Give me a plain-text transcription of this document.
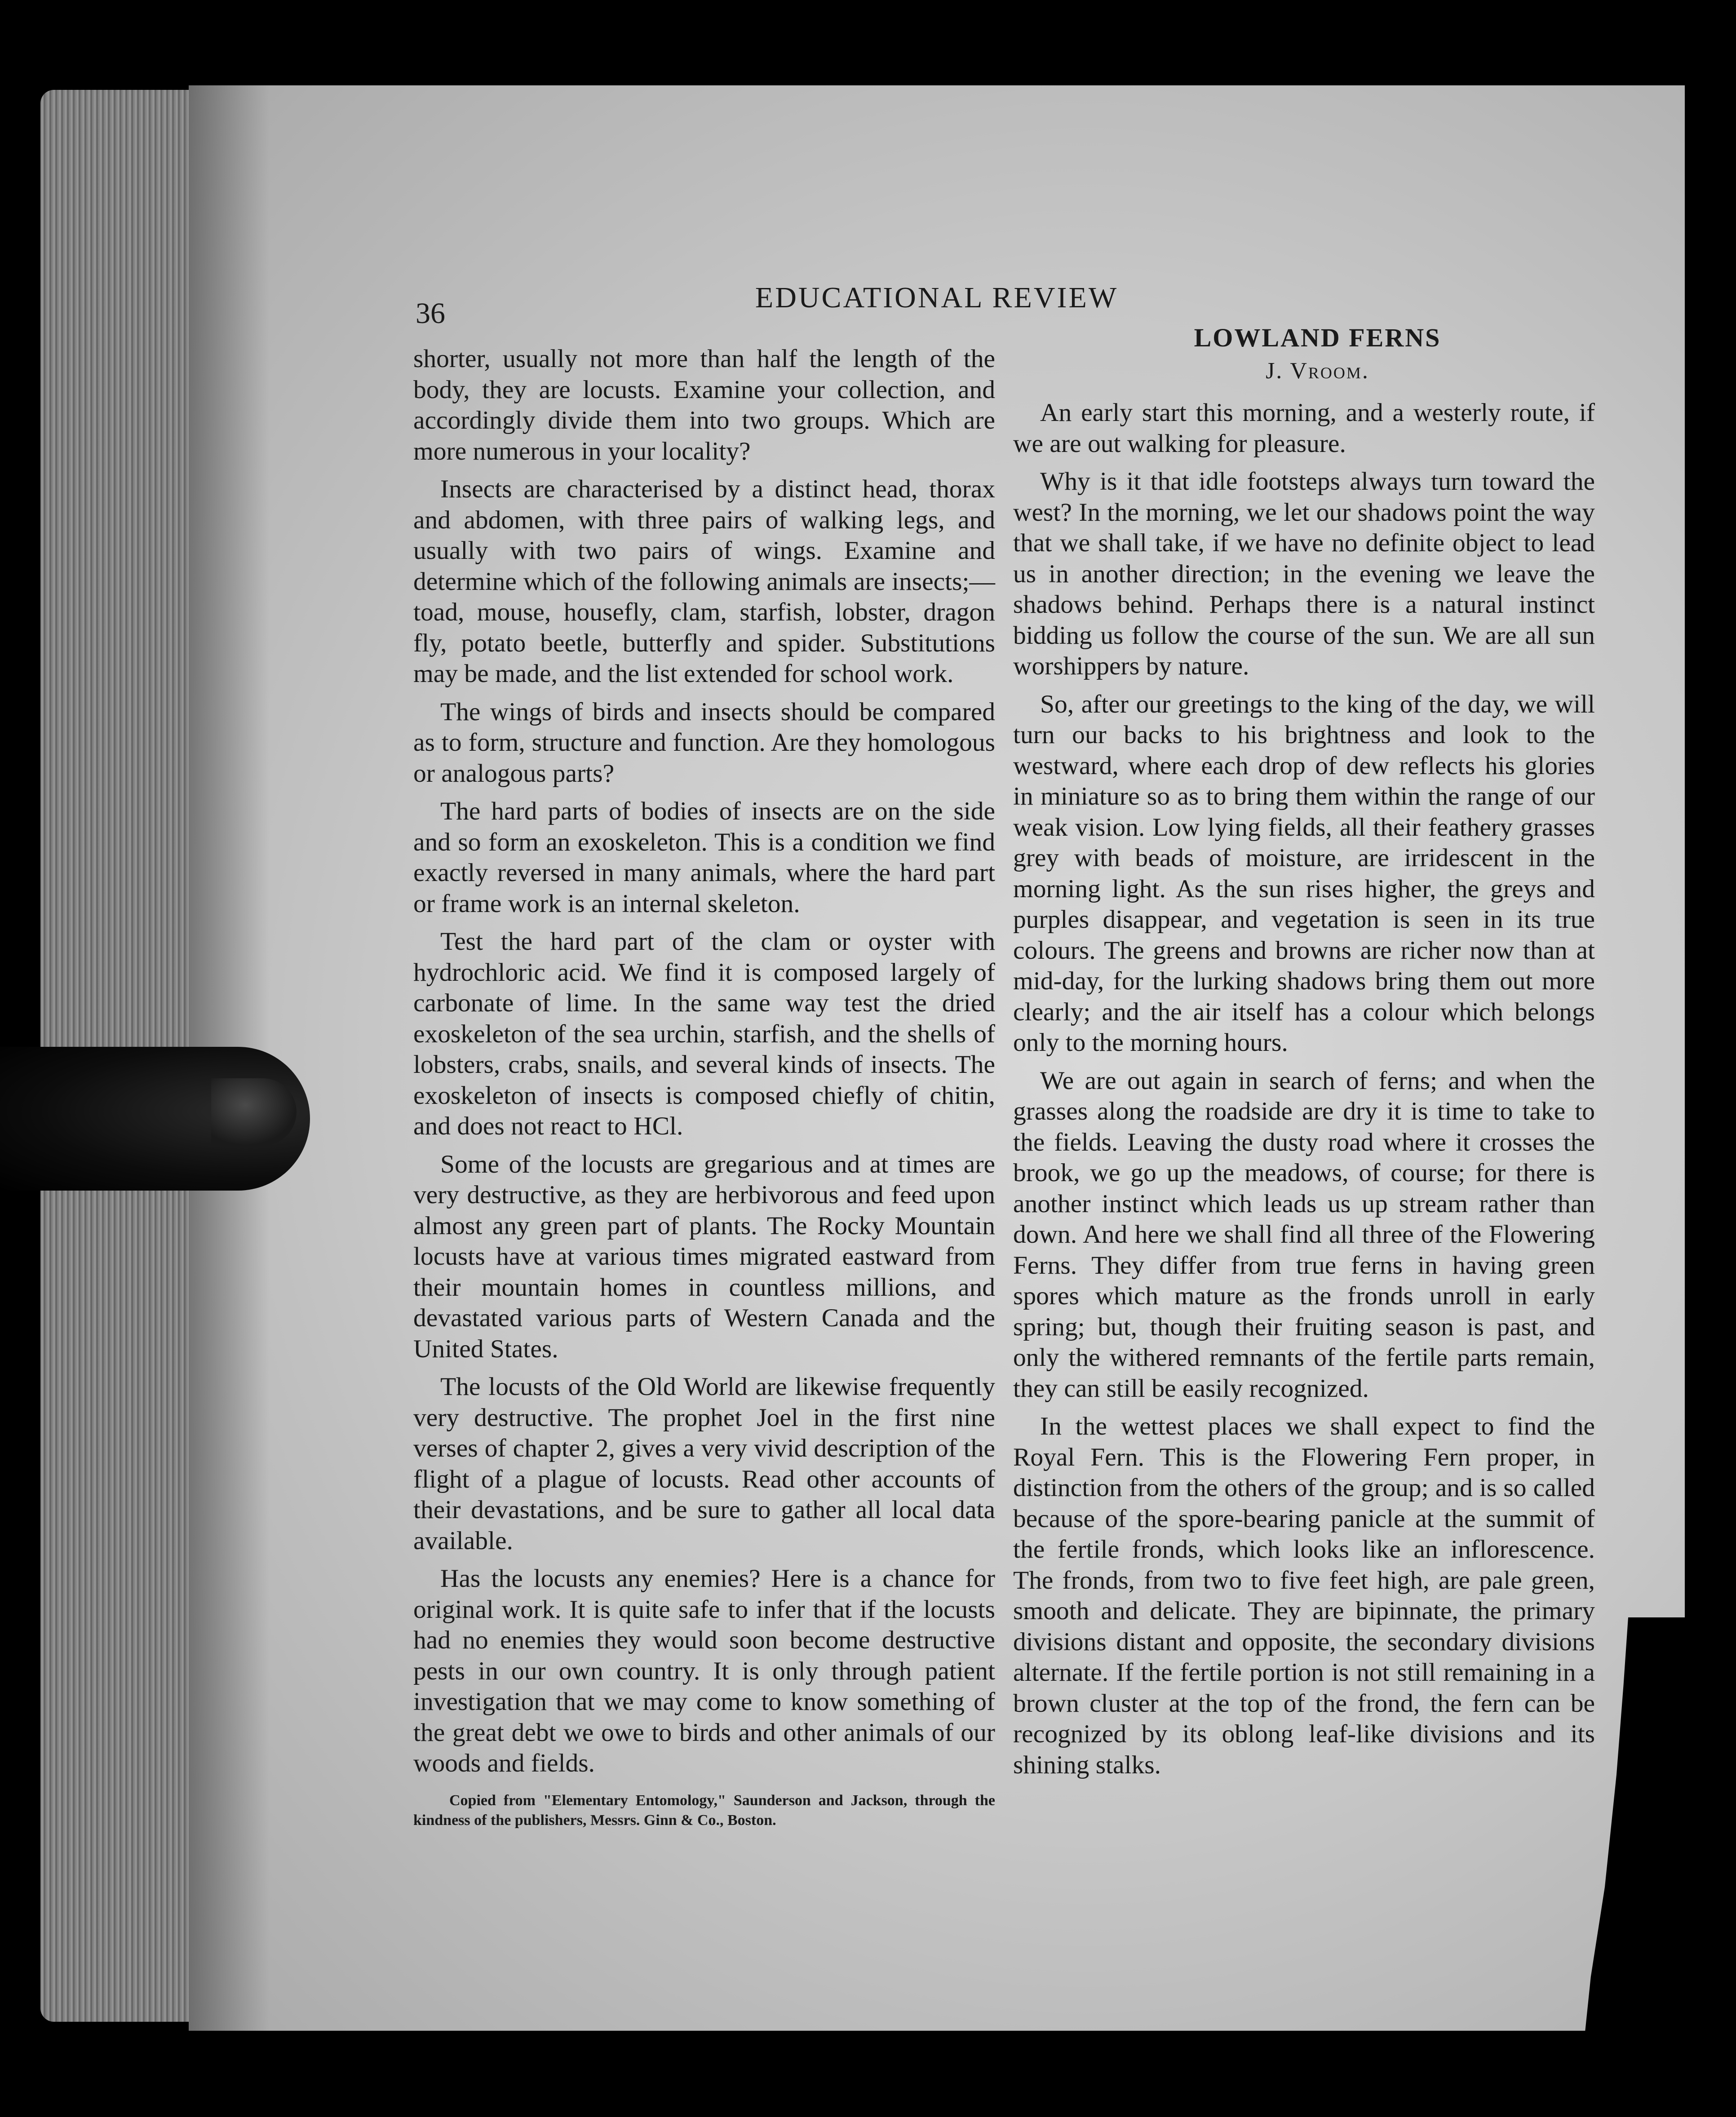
36	EDUCATIONAL REVIEW

shorter, usually not more than half the length of the body, they are locusts. Examine your collection, and accordingly divide them into two groups. Which are more numerous in your locality?

Insects are characterised by a distinct head, thorax and abdomen, with three pairs of walking legs, and usually with two pairs of wings. Examine and determine which of the following animals are insects;— toad, mouse, housefly, clam, starfish, lobster, dragon fly, potato beetle, butterfly and spider. Substitutions may be made, and the list extended for school work.

The wings of birds and insects should be compared as to form, structure and function. Are they homologous or analogous parts?

The hard parts of bodies of insects are on the side and so form an exoskeleton. This is a condition we find exactly reversed in many animals, where the hard part or frame work is an internal skeleton.

Test the hard part of the clam or oyster with hydrochloric acid. We find it is composed largely of carbonate of lime. In the same way test the dried exoskeleton of the sea urchin, starfish, and the shells of lobsters, crabs, snails, and several kinds of insects. The exoskeleton of insects is composed chiefly of chitin, and does not react to HCl.

Some of the locusts are gregarious and at times are very destructive, as they are herbivorous and feed upon almost any green part of plants. The Rocky Mountain locusts have at various times migrated eastward from their mountain homes in countless millions, and devastated various parts of Western Canada and the United States.

The locusts of the Old World are likewise frequently very destructive. The prophet Joel in the first nine verses of chapter 2, gives a very vivid description of the flight of a plague of locusts. Read other accounts of their devastations, and be sure to gather all local data available.

Has the locusts any enemies? Here is a chance for original work. It is quite safe to infer that if the locusts had no enemies they would soon become destructive pests in our own country. It is only through patient investigation that we may come to know something of the great debt we owe to birds and other animals of our woods and fields.

Copied from "Elementary Entomology," Saunderson and Jackson, through the kindness of the publishers, Messrs. Ginn & Co., Boston.

LOWLAND FERNS

J. Vroom.

An early start this morning, and a westerly route, if we are out walking for pleasure.

Why is it that idle footsteps always turn toward the west? In the morning, we let our shadows point the way that we shall take, if we have no definite object to lead us in another direction; in the evening we leave the shadows behind. Perhaps there is a natural instinct bidding us follow the course of the sun. We are all sun worshippers by nature.

So, after our greetings to the king of the day, we will turn our backs to his brightness and look to the westward, where each drop of dew reflects his glories in miniature so as to bring them within the range of our weak vision. Low lying fields, all their feathery grasses grey with beads of moisture, are irridescent in the morning light. As the sun rises higher, the greys and purples disappear, and vegetation is seen in its true colours. The greens and browns are richer now than at mid-day, for the lurking shadows bring them out more clearly; and the air itself has a colour which belongs only to the morning hours.

We are out again in search of ferns; and when the grasses along the roadside are dry it is time to take to the fields. Leaving the dusty road where it crosses the brook, we go up the meadows, of course; for there is another instinct which leads us up stream rather than down. And here we shall find all three of the Flowering Ferns. They differ from true ferns in having green spores which mature as the fronds unroll in early spring; but, though their fruiting season is past, and only the withered remnants of the fertile parts remain, they can still be easily recognized.

In the wettest places we shall expect to find the Royal Fern. This is the Flowering Fern proper, in distinction from the others of the group; and is so called because of the spore-bearing panicle at the summit of the fertile fronds, which looks like an inflorescence. The fronds, from two to five feet high, are pale green, smooth and delicate. They are bipinnate, the primary divisions distant and opposite, the secondary divisions alternate. If the fertile portion is not still remaining in a brown cluster at the top of the frond, the fern can be recognized by its oblong leaf-like divisions and its shining stalks.
